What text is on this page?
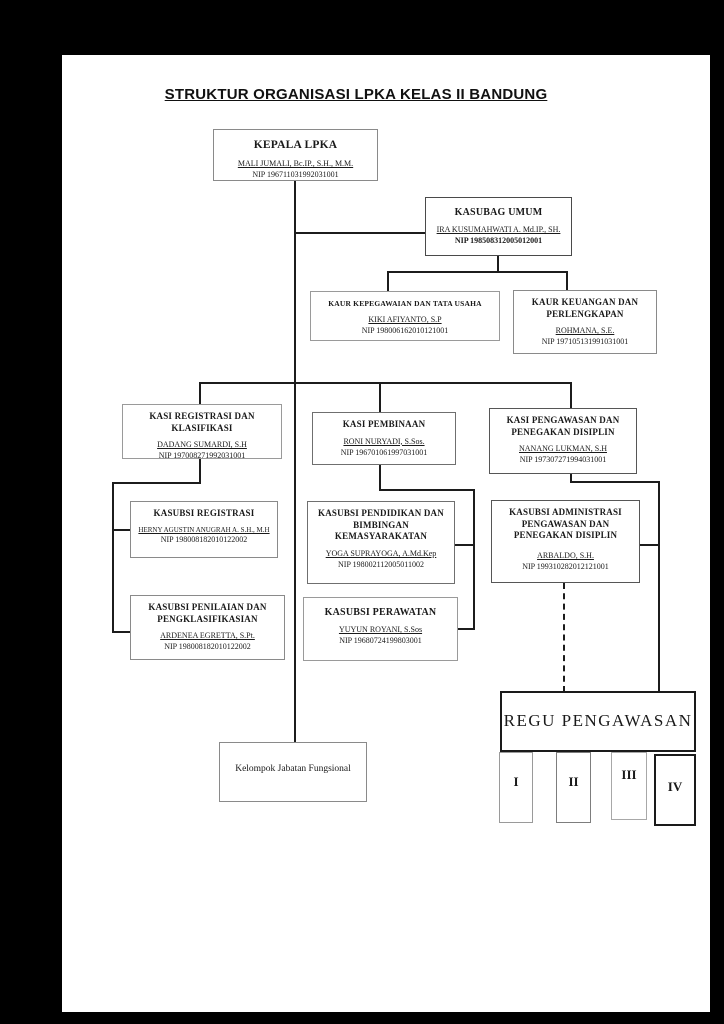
STRUKTUR ORGANISASI LPKA KELAS II BANDUNG
KEPALA LPKA
MALI JUMALI, Bc.IP., S.H., M.M.
NIP 196711031992031001
KASUBAG UMUM
IRA KUSUMAHWATI A. Md.IP., SH.
NIP 198508312005012001
KAUR KEPEGAWAIAN DAN TATA USAHA
KIKI AFIYANTO, S.P
NIP 198006162010121001
KAUR KEUANGAN DAN PERLENGKAPAN
ROHMANA, S.E.
NIP 197105131991031001
KASI REGISTRASI DAN KLASIFIKASI
DADANG SUMARDI, S.H
NIP 197008271992031001
KASI PEMBINAAN
RONI NURYADI, S.Sos.
NIP 196701061997031001
KASI PENGAWASAN DAN PENEGAKAN DISIPLIN
NANANG LUKMAN, S.H
NIP 197307271994031001
KASUBSI REGISTRASI
HERNY AGUSTIN ANUGRAH A. S.H., M.H
NIP 198008182010122002
KASUBSI PENILAIAN DAN PENGKLASIFIKASIAN
ARDENEA EGRETTA, S.Pt.
NIP 198008182010122002
KASUBSI PENDIDIKAN DAN BIMBINGAN KEMASYARAKATAN
YOGA SUPRAYOGA, A.Md.Kep
NIP 198002112005011002
KASUBSI PERAWATAN
YUYUN ROYANI, S.Sos
NIP 19680724199803001
KASUBSI ADMINISTRASI PENGAWASAN DAN PENEGAKAN DISIPLIN
ARBALDO, S.H.
NIP 199310282012121001
Kelompok Jabatan Fungsional
REGU PENGAWASAN
I	II	III
IV
